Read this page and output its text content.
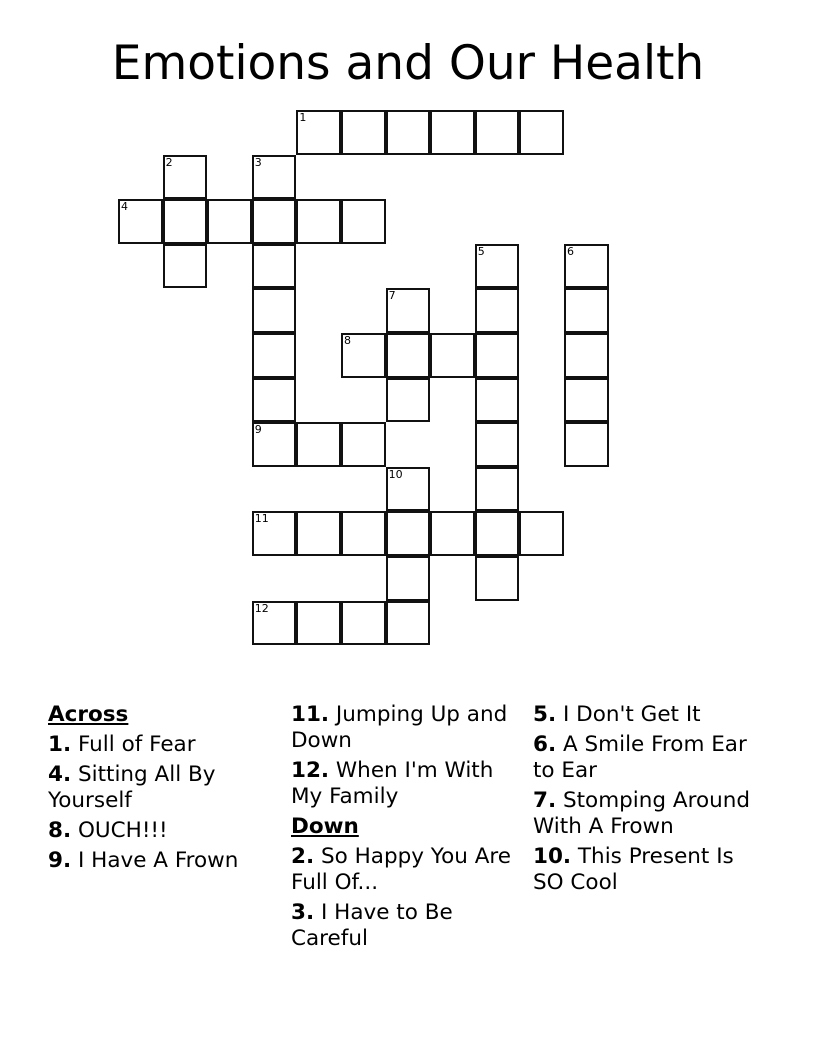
Emotions and Our Health
1
2	3
9
4
5	6
7
8
10
11
12
Across
1. Full of Fear
4. Sitting All By Yourself
8. OUCH!!!
9. I Have A Frown
11. Jumping Up and Down
12. When I'm With My Family
Down
2. So Happy You Are Full Of...
3. I Have to Be Careful
5. I Don't Get It
6. A Smile From Ear to Ear
7. Stomping Around With A Frown
10. This Present Is SO Cool
